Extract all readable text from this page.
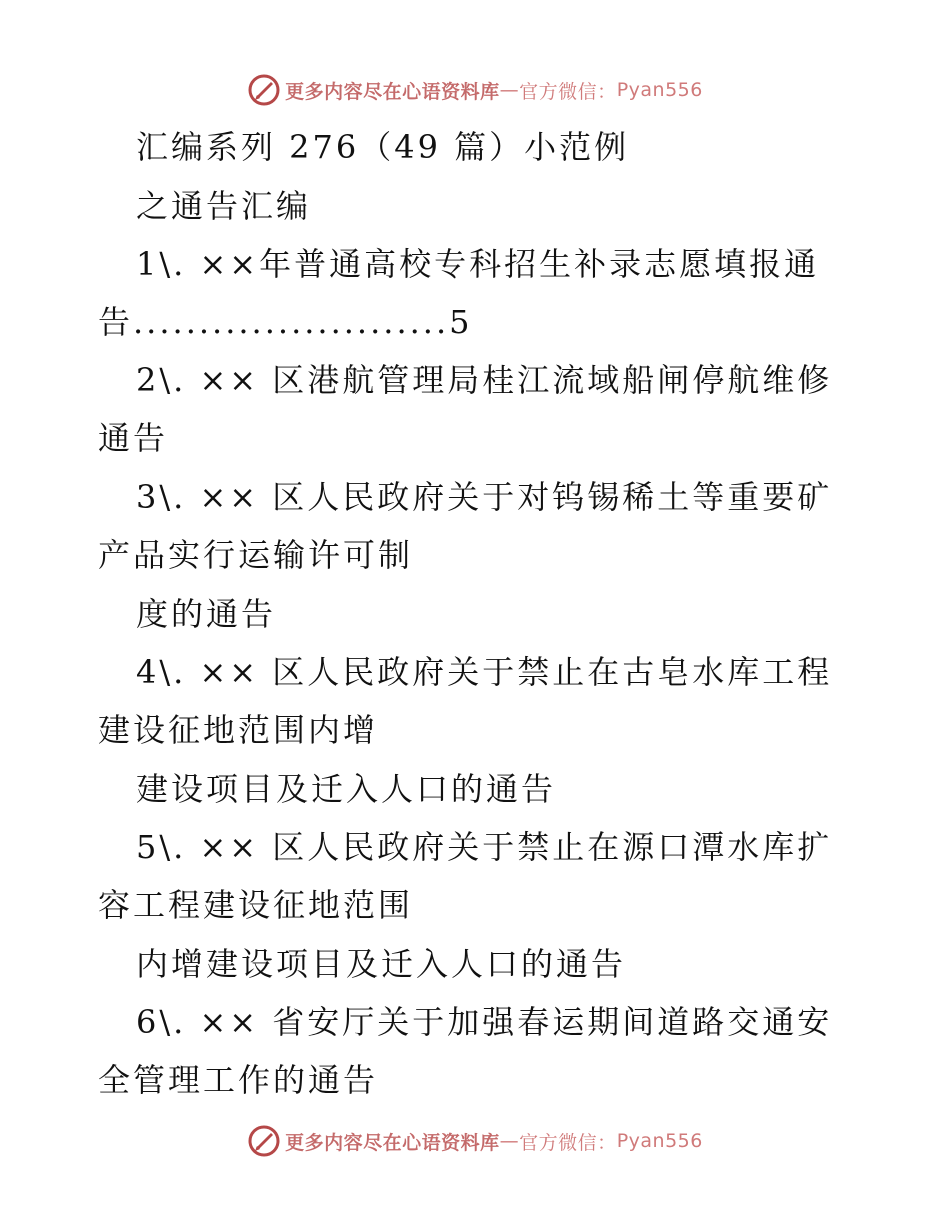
更多内容尽在心语资料库 — 官方微信： Pyan556
汇编系列 276（49 篇）小范例
之通告汇编
1\. ××年普通高校专科招生补录志愿填报通
告........................5
2\. ×× 区港航管理局桂江流域船闸停航维修
通告
3\. ×× 区人民政府关于对钨锡稀土等重要矿
产品实行运输许可制
度的通告
4\. ×× 区人民政府关于禁止在古皂水库工程
建设征地范围内增
建设项目及迁入人口的通告
5\. ×× 区人民政府关于禁止在源口潭水库扩
容工程建设征地范围
内增建设项目及迁入人口的通告
6\. ×× 省安厅关于加强春运期间道路交通安
全管理工作的通告
更多内容尽在心语资料库 — 官方微信： Pyan556
